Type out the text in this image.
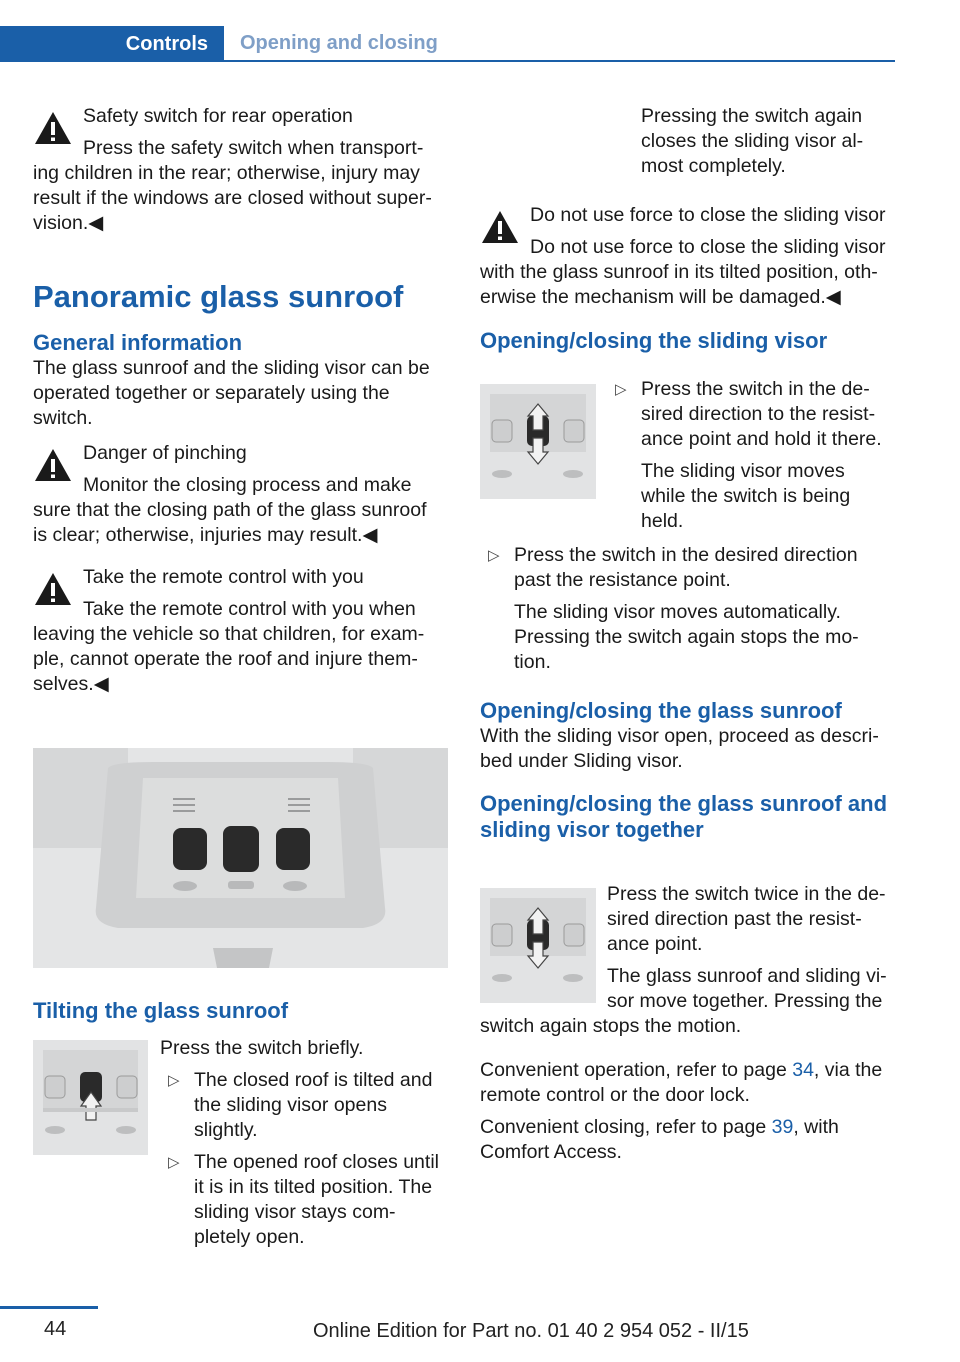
Controls	Opening and closing
Safety switch for rear operation
Press the safety switch when transport‐
ing children in the rear; otherwise, injury may
result if the windows are closed without super‐
vision.◀
Panoramic glass sunroof
General information
The glass sunroof and the sliding visor can be
operated together or separately using the
switch.
Danger of pinching
Monitor the closing process and make
sure that the closing path of the glass sunroof
is clear; otherwise, injuries may result.◀
Take the remote control with you
Take the remote control with you when
leaving the vehicle so that children, for exam‐
ple, cannot operate the roof and injure them‐
selves.◀
Tilting the glass sunroof
Press the switch briefly.
▷ The closed roof is tilted and
the sliding visor opens
slightly.
▷ The opened roof closes until
it is in its tilted position. The
sliding visor stays com‐
pletely open.
Pressing the switch again
closes the sliding visor al‐
most completely.
Do not use force to close the sliding visor
Do not use force to close the sliding visor
with the glass sunroof in its tilted position, oth‐
erwise the mechanism will be damaged.◀
Opening/closing the sliding visor
▷ Press the switch in the de‐
sired direction to the resist‐
ance point and hold it there.
The sliding visor moves
while the switch is being
held.
▷ Press the switch in the desired direction
past the resistance point.
The sliding visor moves automatically.
Pressing the switch again stops the mo‐
tion.
Opening/closing the glass sunroof
With the sliding visor open, proceed as descri‐
bed under Sliding visor.
Opening/closing the glass sunroof and
sliding visor together
Press the switch twice in the de‐
sired direction past the resist‐
ance point.
The glass sunroof and sliding vi‐
sor move together. Pressing the
switch again stops the motion.
Convenient operation, refer to page 34, via the
remote control or the door lock.
Convenient closing, refer to page 39, with
Comfort Access.
44	Online Edition for Part no. 01 40 2 954 052 - II/15
